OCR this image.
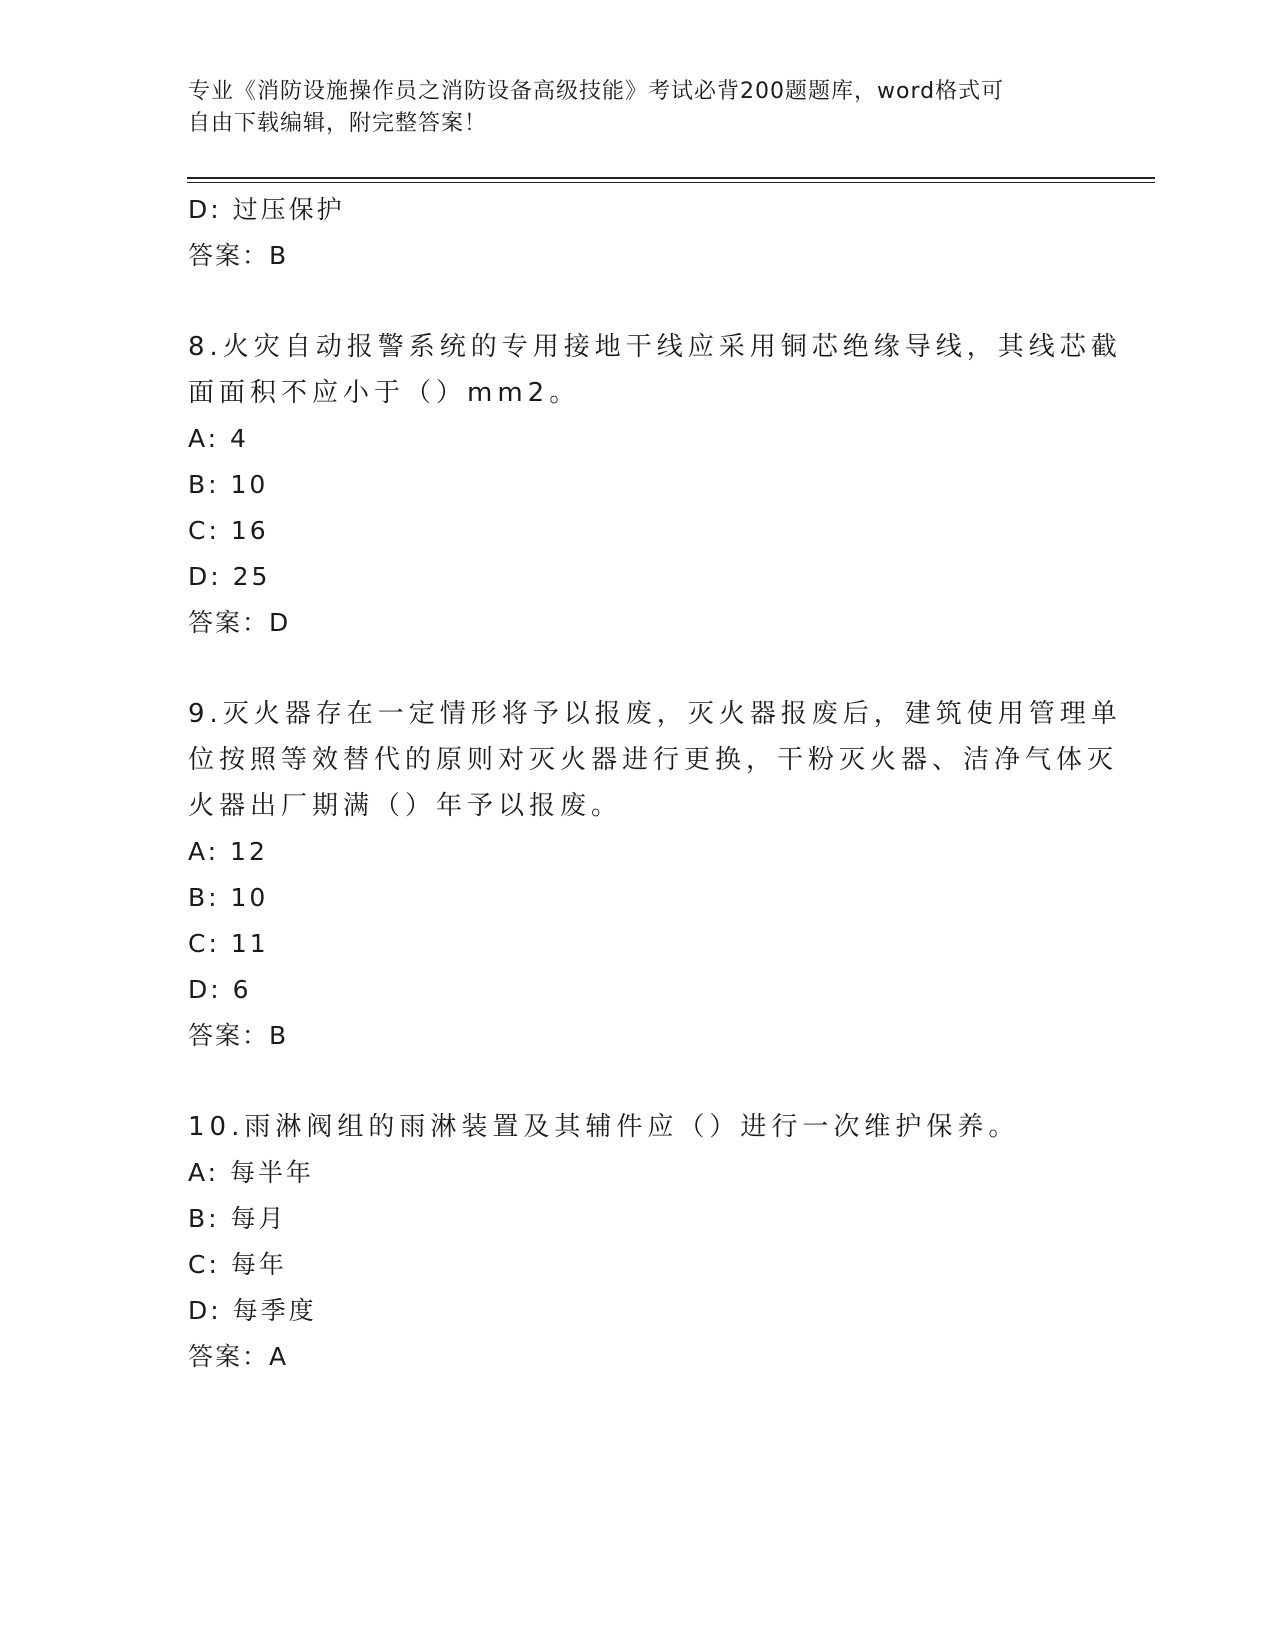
专业《消防设施操作员之消防设备高级技能》考试必背200题题库，word格式可
自由下载编辑，附完整答案！
D: 过压保护
答案：B
8.火灾自动报警系统的专用接地干线应采用铜芯绝缘导线，其线芯截
面面积不应小于（）mm2。
A: 4
B: 10
C: 16
D: 25
答案：D
9.灭火器存在一定情形将予以报废，灭火器报废后，建筑使用管理单
位按照等效替代的原则对灭火器进行更换，干粉灭火器、洁净气体灭
火器出厂期满（）年予以报废。
A: 12
B: 10
C: 11
D: 6
答案：B
10.雨淋阀组的雨淋装置及其辅件应（）进行一次维护保养。
A: 每半年
B: 每月
C: 每年
D: 每季度
答案：A
